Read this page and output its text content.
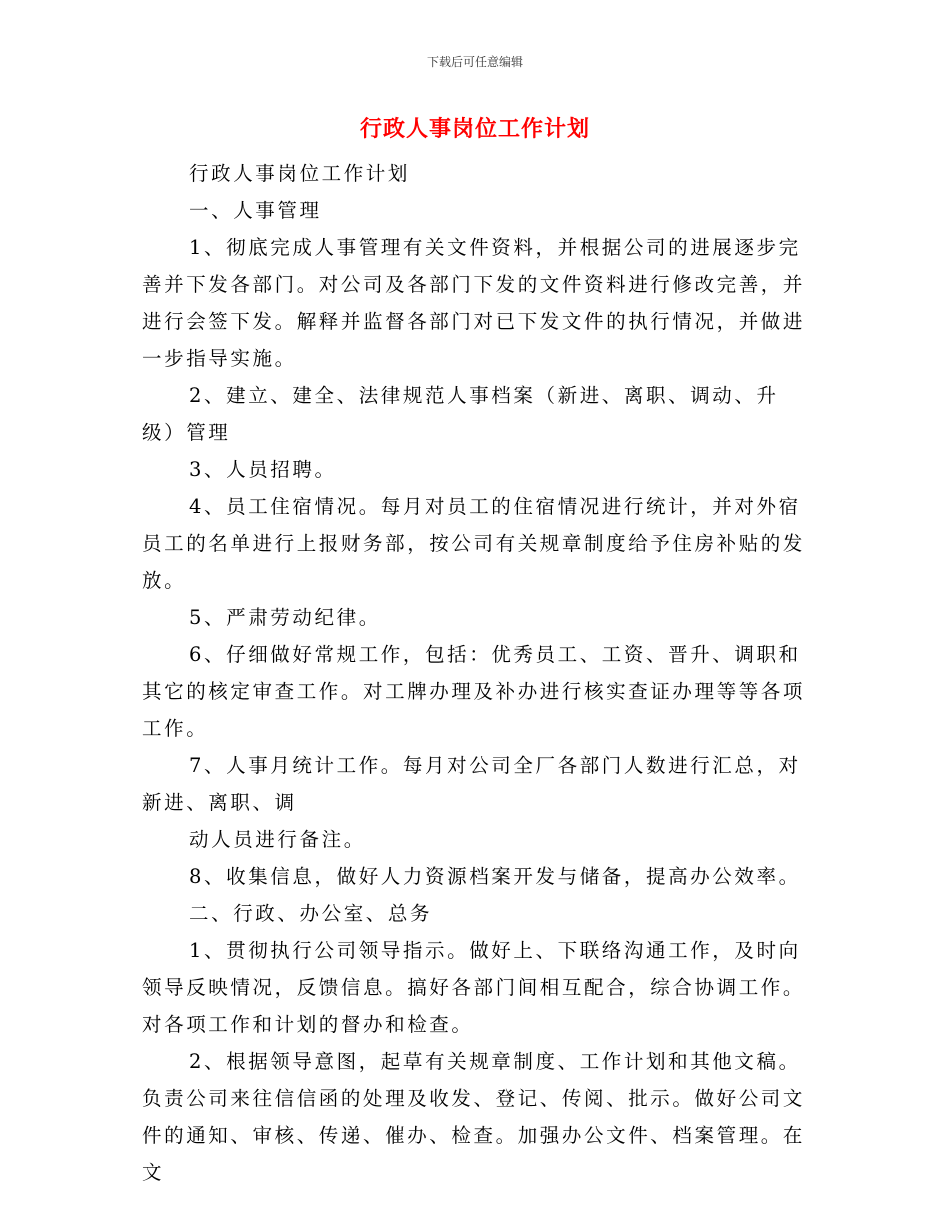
下载后可任意编辑
行政人事岗位工作计划

行政人事岗位工作计划

一、人事管理

1、彻底完成人事管理有关文件资料，并根据公司的进展逐步完善并下发各部门。对公司及各部门下发的文件资料进行修改完善，并进行会签下发。解释并监督各部门对已下发文件的执行情况，并做进一步指导实施。

2、建立、建全、法律规范人事档案（新进、离职、调动、升级）管理

3、人员招聘。

4、员工住宿情况。每月对员工的住宿情况进行统计，并对外宿员工的名单进行上报财务部，按公司有关规章制度给予住房补贴的发放。

5、严肃劳动纪律。

6、仔细做好常规工作，包括：优秀员工、工资、晋升、调职和其它的核定审查工作。对工牌办理及补办进行核实查证办理等等各项工作。

7、人事月统计工作。每月对公司全厂各部门人数进行汇总，对新进、离职、调

动人员进行备注。

8、收集信息，做好人力资源档案开发与储备，提高办公效率。

二、行政、办公室、总务

1、贯彻执行公司领导指示。做好上、下联络沟通工作，及时向领导反映情况，反馈信息。搞好各部门间相互配合，综合协调工作。对各项工作和计划的督办和检查。

2、根据领导意图，起草有关规章制度、工作计划和其他文稿。负责公司来往信信函的处理及收发、登记、传阅、批示。做好公司文件的通知、审核、传递、催办、检查。加强办公文件、档案管理。在文
